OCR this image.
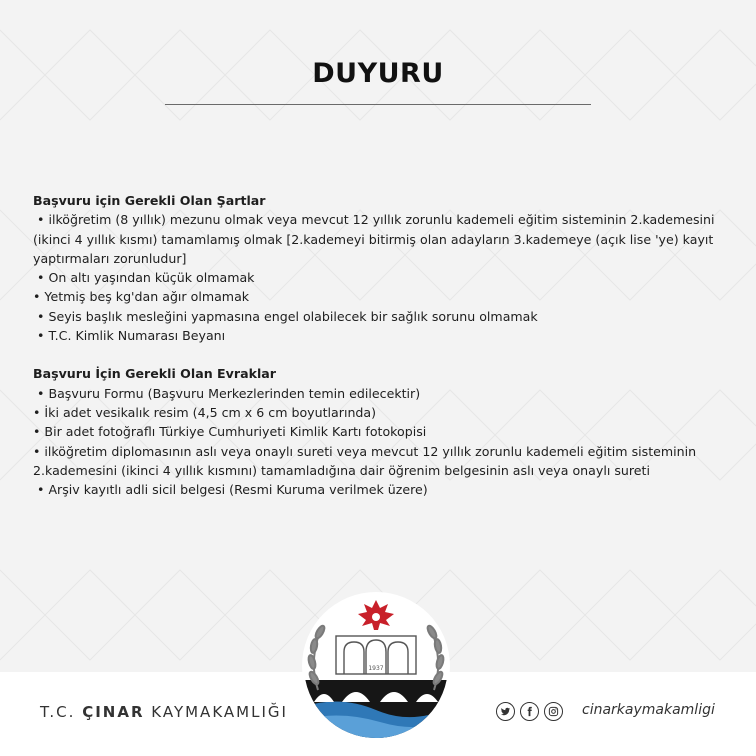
DUYURU
Başvuru için Gerekli Olan Şartlar
• ilköğretim (8 yıllık) mezunu olmak veya mevcut 12 yıllık zorunlu kademeli eğitim sisteminin 2.kademesini (ikinci 4 yıllık kısmı) tamamlamış olmak [2.kademeyi bitirmiş olan adayların 3.kademeye (açık lise 'ye) kayıt yaptırmaları zorunludur]
• On altı yaşından küçük olmamak
• Yetmiş beş kg'dan ağır olmamak
• Seyis başlık mesleğini yapmasına engel olabilecek bir sağlık sorunu olmamak
• T.C. Kimlik Numarası Beyanı
Başvuru İçin Gerekli Olan Evraklar
• Başvuru Formu (Başvuru Merkezlerinden temin edilecektir)
• İki adet vesikalık resim (4,5 cm x 6 cm boyutlarında)
• Bir adet fotoğraflı Türkiye Cumhuriyeti Kimlik Kartı fotokopisi
• ilköğretim diplomasının aslı veya onaylı sureti veya mevcut 12 yıllık zorunlu kademeli eğitim sisteminin 2.kademesini (ikinci 4 yıllık kısmını) tamamladığına dair öğrenim belgesinin aslı veya onaylı sureti
• Arşiv kayıtlı adli sicil belgesi (Resmi Kuruma verilmek üzere)
T.C. ÇINAR KAYMAKAMLIĞI
1937
cinarkaymakamligi
